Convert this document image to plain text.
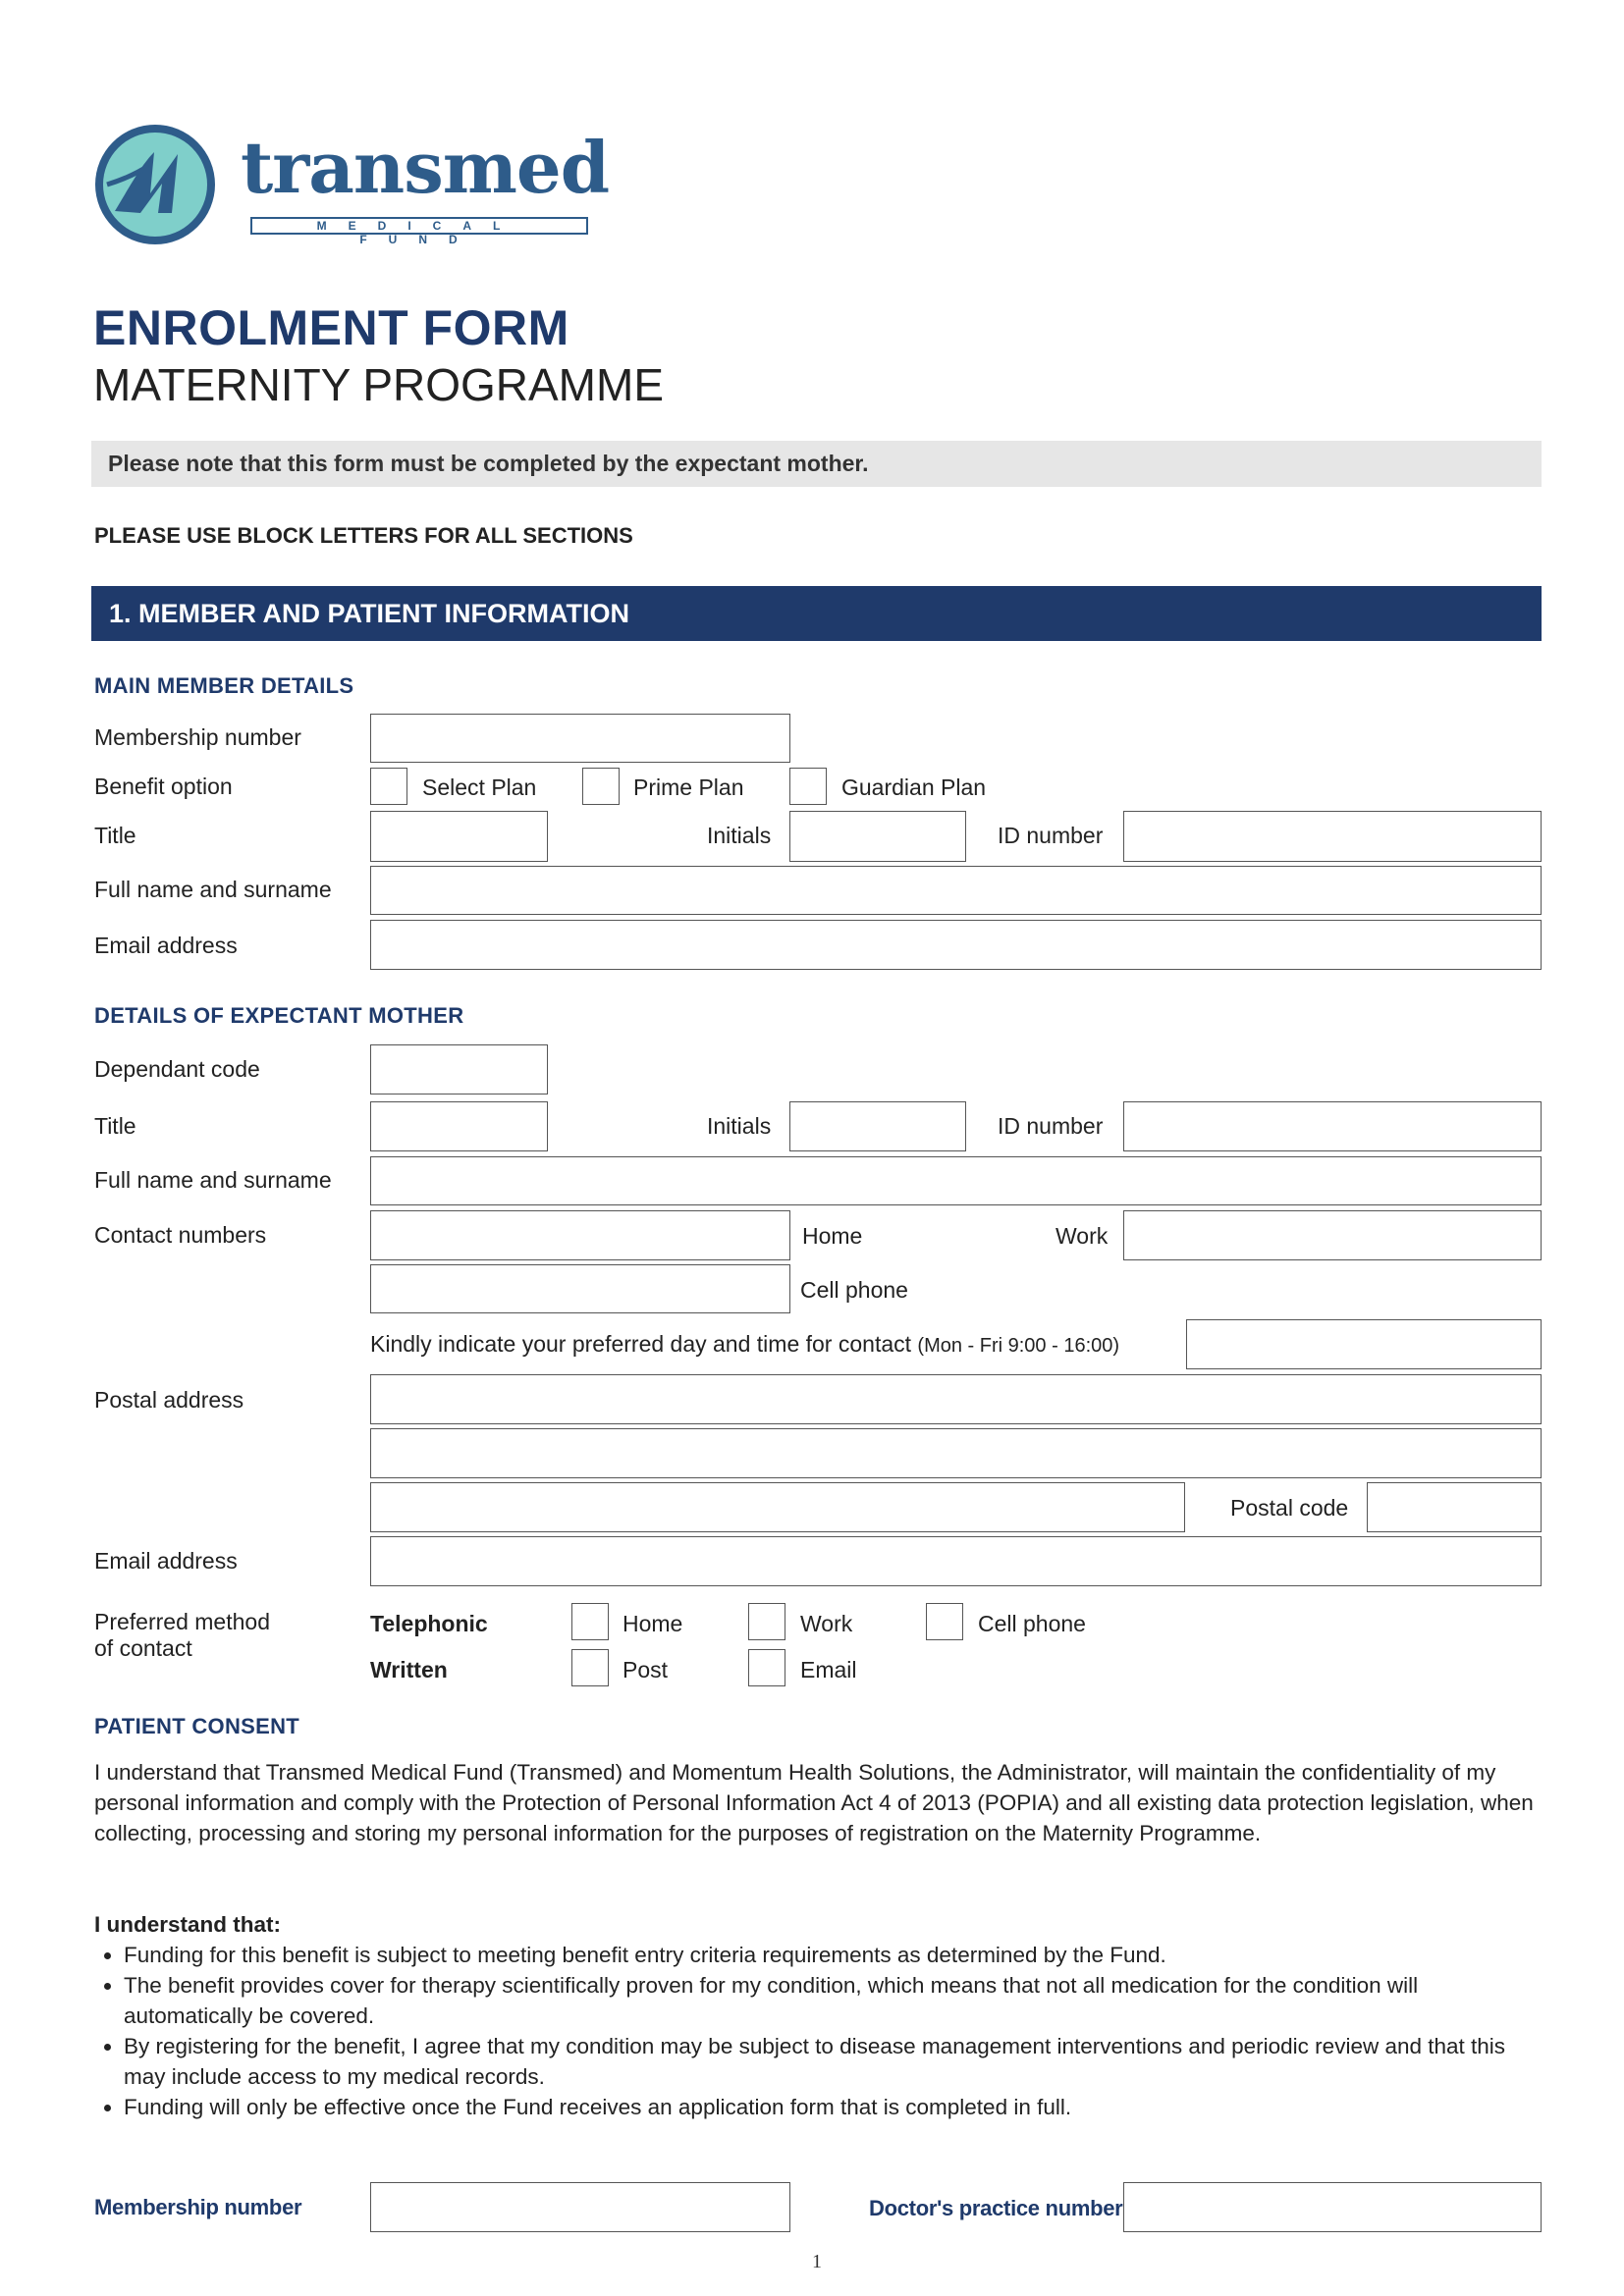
transmed
MEDICAL FUND
ENROLMENT FORM
MATERNITY PROGRAMME
Please note that this form must be completed by the expectant mother.
PLEASE USE BLOCK LETTERS FOR ALL SECTIONS
1. MEMBER AND PATIENT INFORMATION
MAIN MEMBER DETAILS
Membership number
Benefit option	Select Plan	Prime Plan	Guardian Plan
Title	Initials	ID number
Full name and surname
Email address
DETAILS OF EXPECTANT MOTHER
Dependant code
Title	Initials	ID number
Full name and surname
Contact numbers	Home	Work
Cell phone
Kindly indicate your preferred day and time for contact (Mon - Fri 9:00 - 16:00)
Postal address
Postal code
Email address
Preferred method
of contact
Telephonic	Home	Work	Cell phone
Written	Post	Email
PATIENT CONSENT
I understand that Transmed Medical Fund (Transmed) and Momentum Health Solutions, the Administrator, will maintain the confidentiality of my personal information and comply with the Protection of Personal Information Act 4 of 2013 (POPIA) and all existing data protection legislation, when collecting, processing and storing my personal information for the purposes of registration on the Maternity Programme.
I understand that:
• Funding for this benefit is subject to meeting benefit entry criteria requirements as determined by the Fund.
• The benefit provides cover for therapy scientifically proven for my condition, which means that not all medication for the condition will automatically be covered.
• By registering for the benefit, I agree that my condition may be subject to disease management interventions and periodic review and that this may include access to my medical records.
• Funding will only be effective once the Fund receives an application form that is completed in full.
Membership number	Doctor's practice number
1
